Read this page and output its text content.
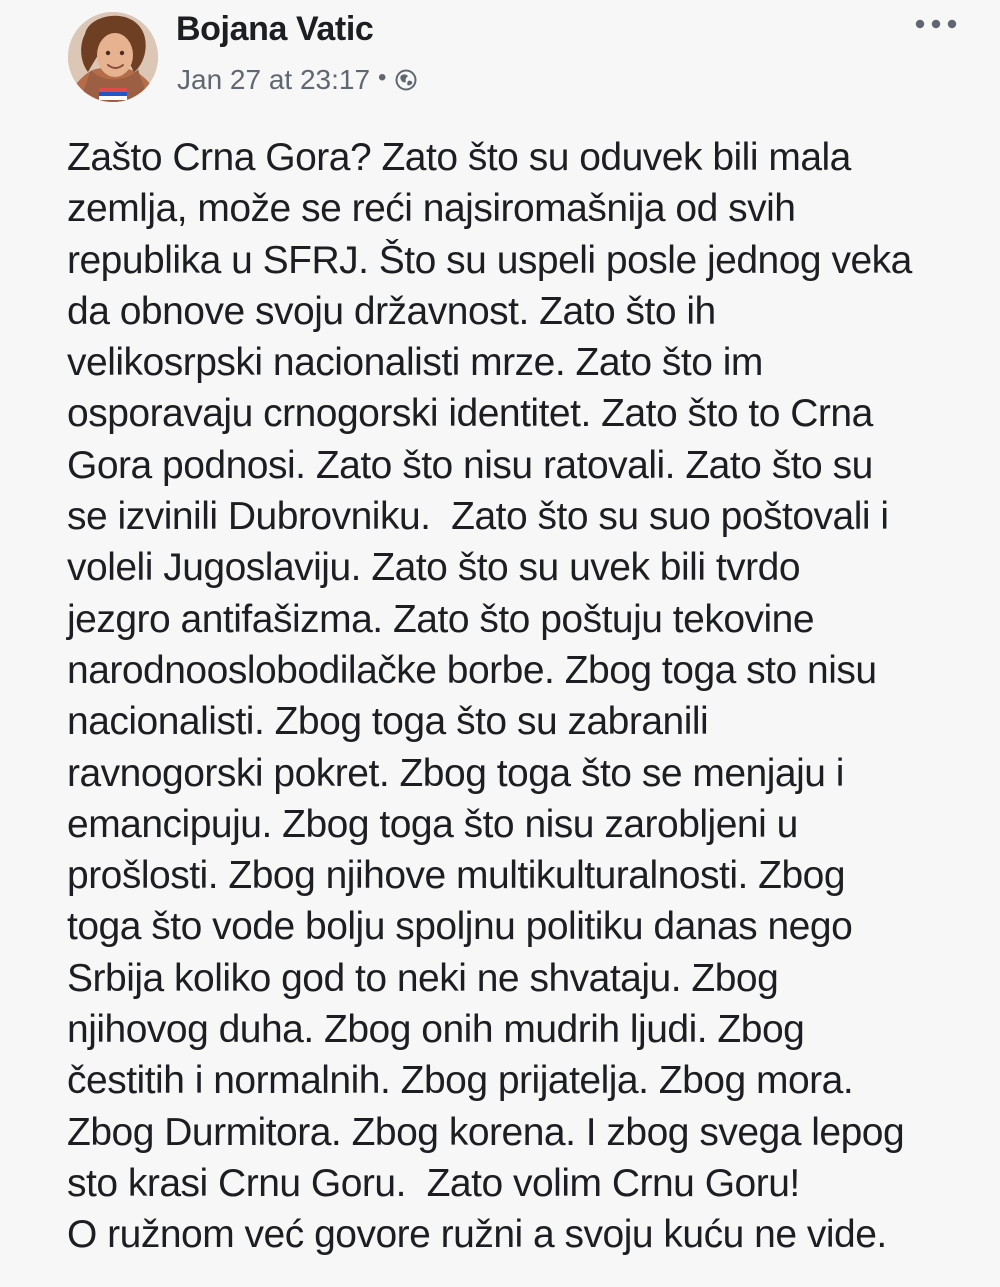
Bojana Vatic
Jan 27 at 23:17 •

Zašto Crna Gora? Zato što su oduvek bili mala
zemlja, može se reći najsiromašnija od svih
republika u SFRJ. Što su uspeli posle jednog veka
da obnove svoju državnost. Zato što ih
velikosrpski nacionalisti mrze. Zato što im
osporavaju crnogorski identitet. Zato što to Crna
Gora podnosi. Zato što nisu ratovali. Zato što su
se izvinili Dubrovniku.  Zato što su suo poštovali i
voleli Jugoslaviju. Zato što su uvek bili tvrdo
jezgro antifašizma. Zato što poštuju tekovine
narodnooslobodilačke borbe. Zbog toga sto nisu
nacionalisti. Zbog toga što su zabranili
ravnogorski pokret. Zbog toga što se menjaju i
emancipuju. Zbog toga što nisu zarobljeni u
prošlosti. Zbog njihove multikulturalnosti. Zbog
toga što vode bolju spoljnu politiku danas nego
Srbija koliko god to neki ne shvataju. Zbog
njihovog duha. Zbog onih mudrih ljudi. Zbog
čestitih i normalnih. Zbog prijatelja. Zbog mora.
Zbog Durmitora. Zbog korena. I zbog svega lepog
sto krasi Crnu Goru.  Zato volim Crnu Goru!
O ružnom već govore ružni a svoju kuću ne vide.
